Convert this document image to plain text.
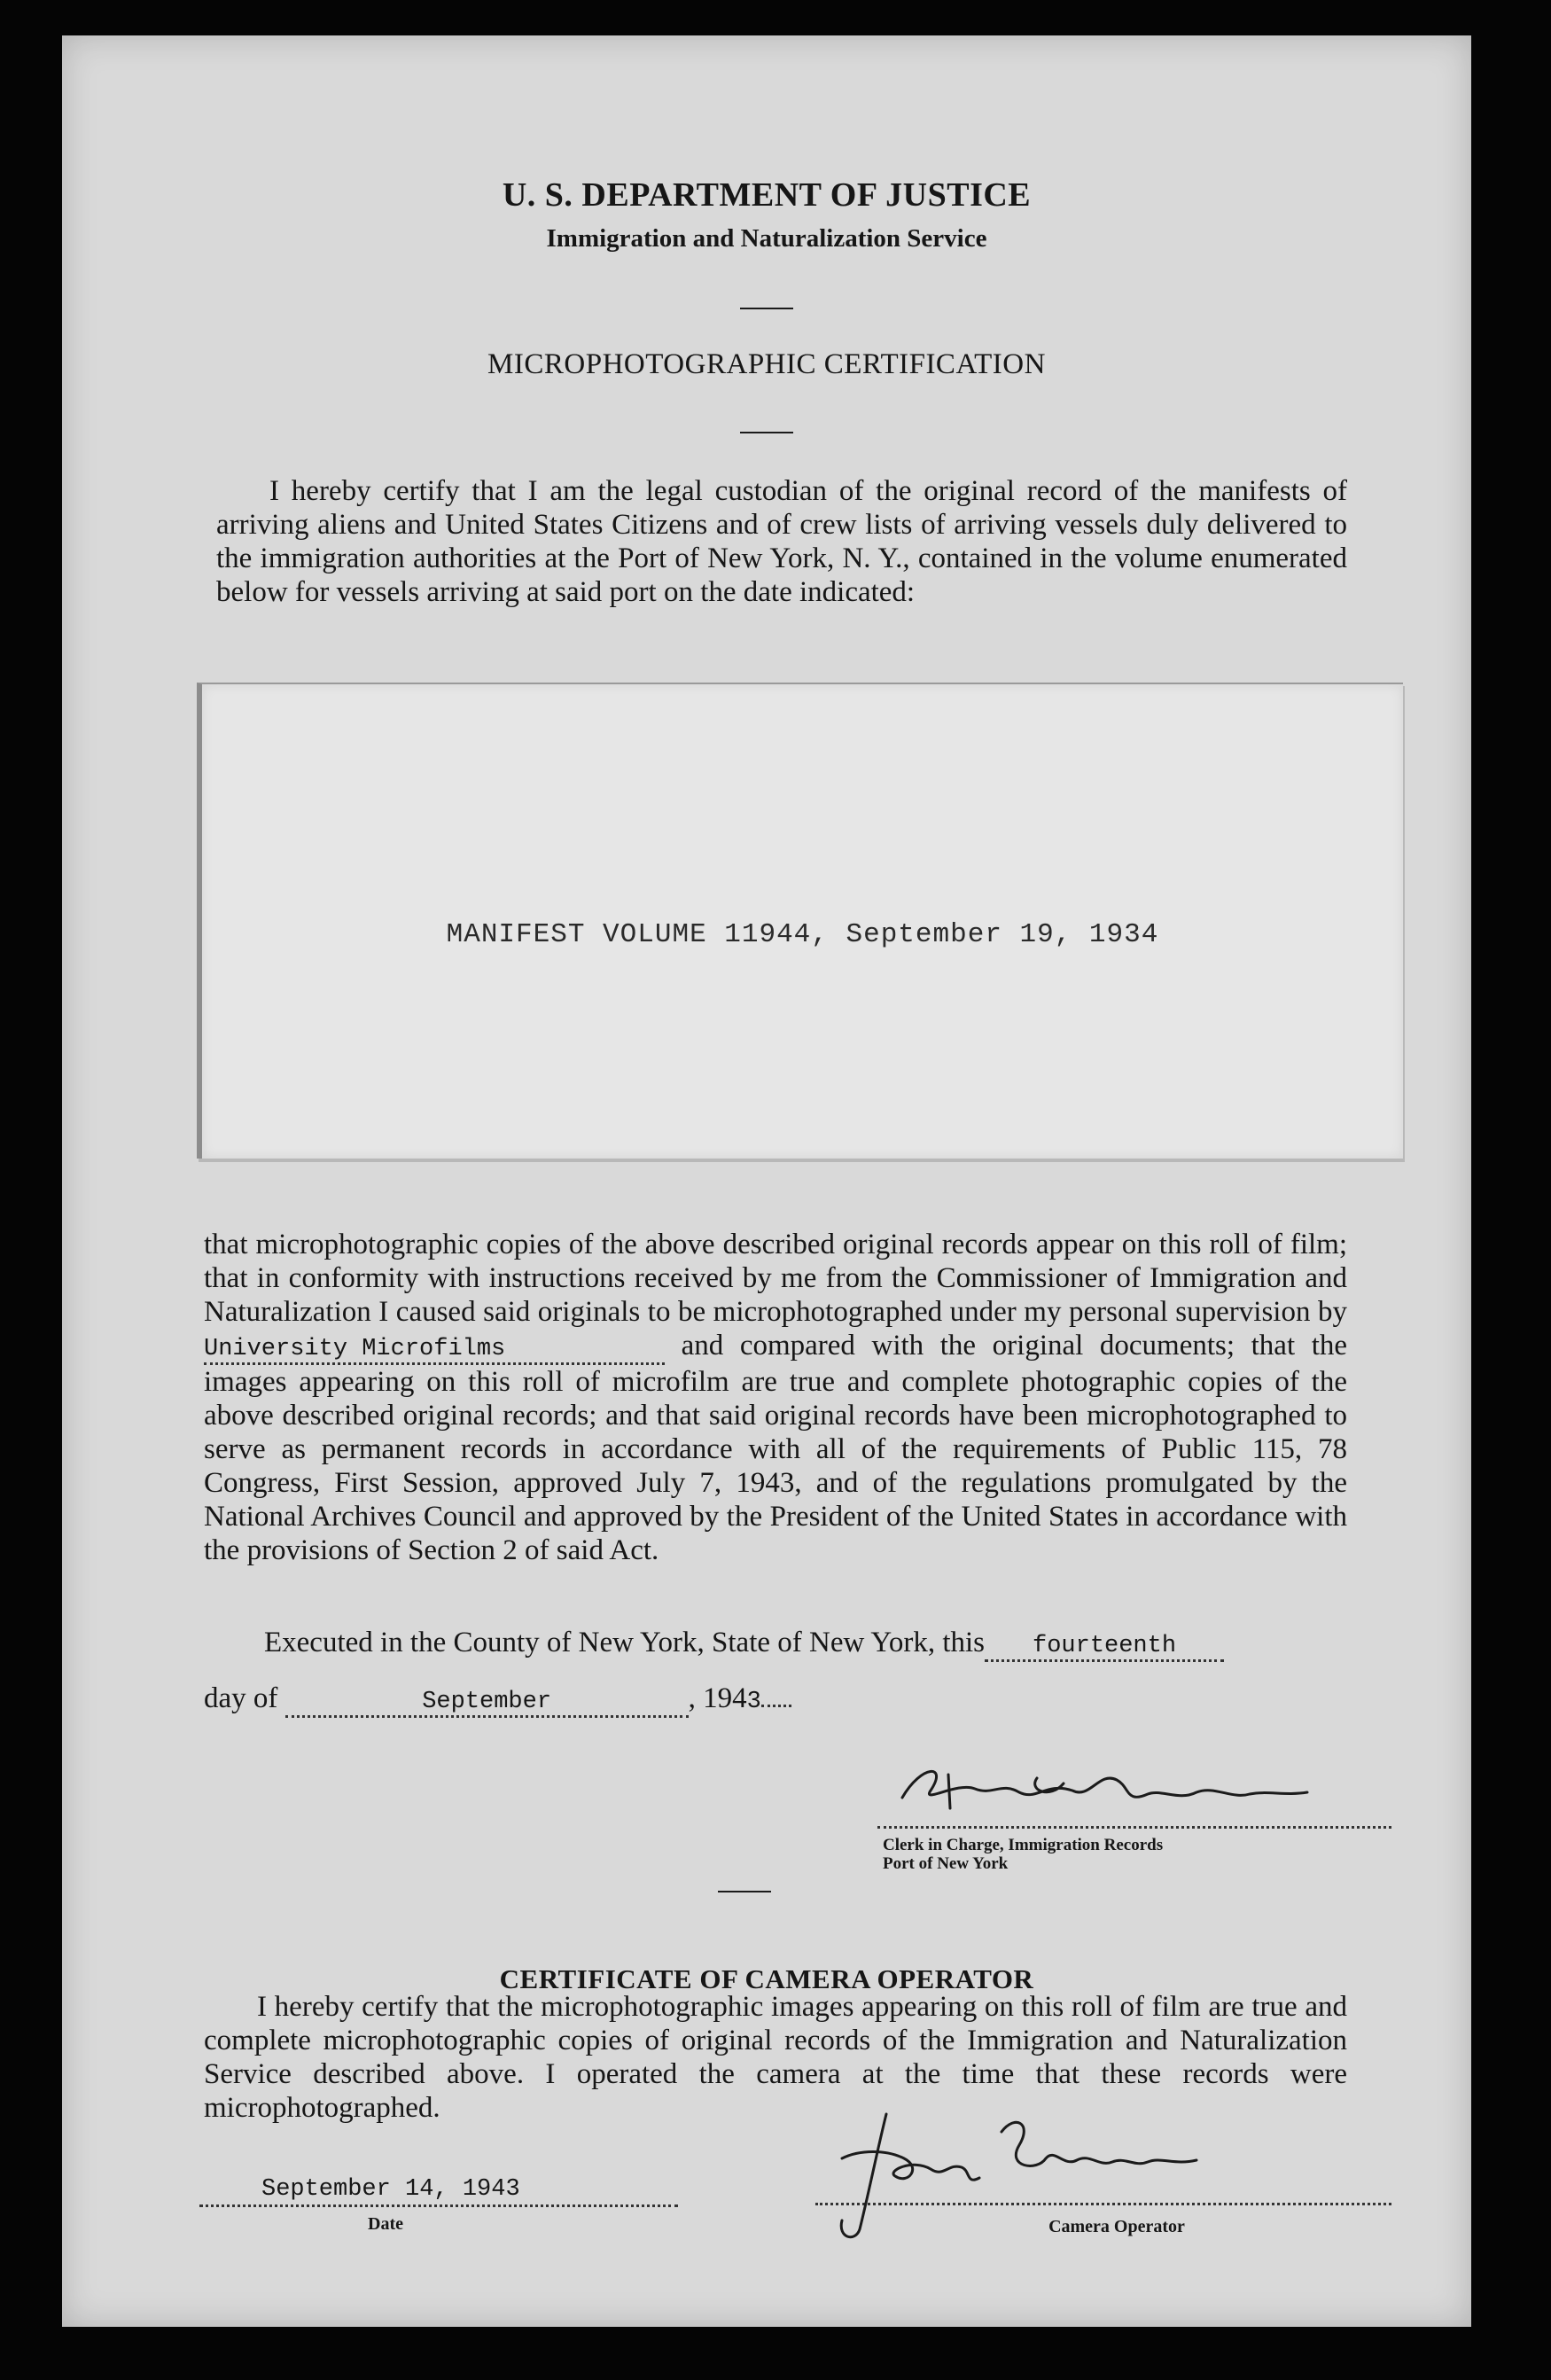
U. S. DEPARTMENT OF JUSTICE
Immigration and Naturalization Service
MICROPHOTOGRAPHIC CERTIFICATION
I hereby certify that I am the legal custodian of the original record of the manifests of arriving aliens and United States Citizens and of crew lists of arriving vessels duly delivered to the immigration authorities at the Port of New York, N. Y., contained in the volume enumerated below for vessels arriving at said port on the date indicated:
MANIFEST VOLUME 11944, September 19, 1934
that microphotographic copies of the above described original records appear on this roll of film; that in conformity with instructions received by me from the Commissioner of Immigration and Naturalization I caused said originals to be microphotographed under my personal supervision byUniversity Microfilms	and compared with the original documents; that the images appearing on this roll of microfilm are true and complete photographic copies of the above described original records; and that said original records have been microphotographed to serve as permanent records in accordance with all of the requirements of Public 115, 78 Congress, First Session, approved July 7, 1943, and of the regulations promulgated by the National Archives Council and approved by the President of the United States in accordance with the provisions of Section 2 of said Act.
Executed in the County of New York, State of New York, this fourteenth
day of	September	, 1943
Clerk in Charge, Immigration Records
Port of New York
CERTIFICATE OF CAMERA OPERATOR
I hereby certify that the microphotographic images appearing on this roll of film are true and complete microphotographic copies of original records of the Immigration and Naturalization Service described above. I operated the camera at the time that these records were microphotographed.
September 14, 1943
Date	Camera Operator
